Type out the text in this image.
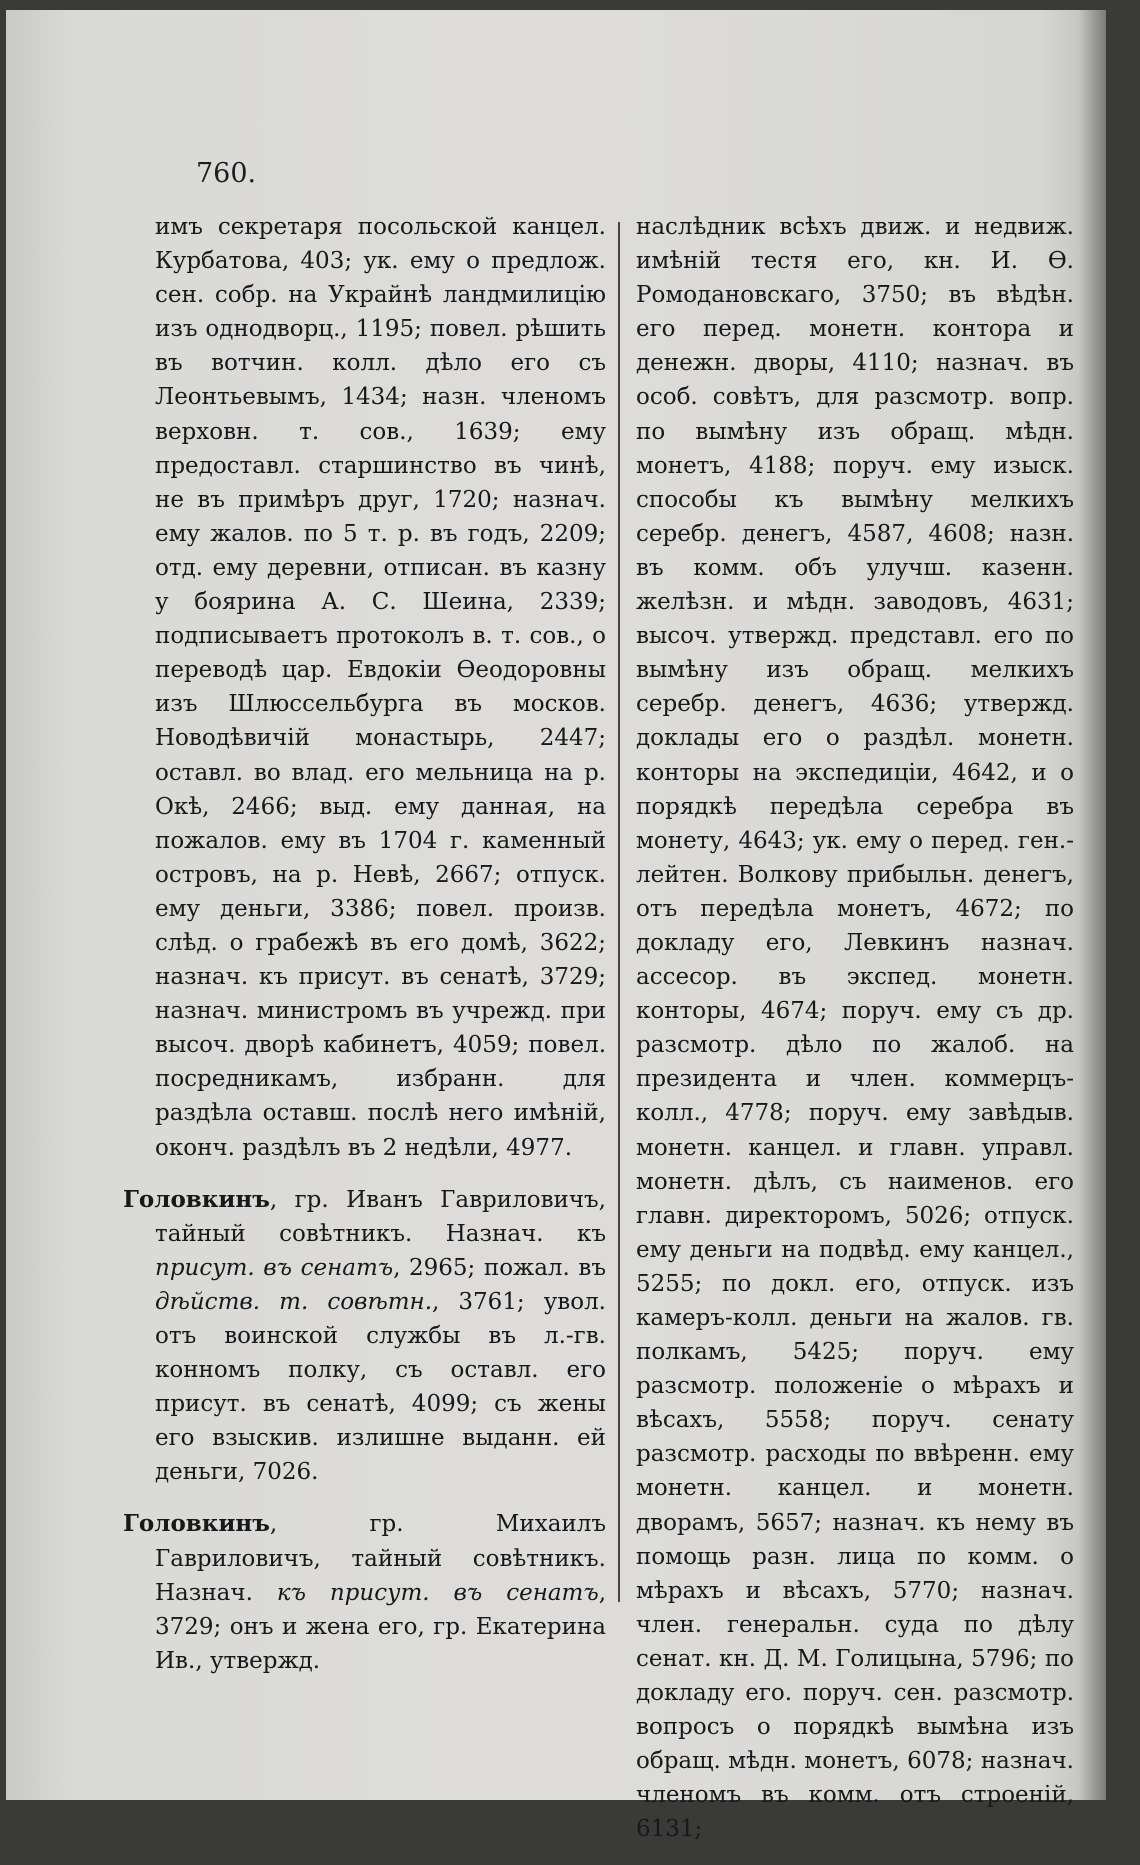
760.

имъ секретаря посольской канцел. Курбатова, 403; ук. ему о предлож. сен. собр. на Украйнѣ ландмилицію изъ однодворц., 1195; повел. рѣшить въ вотчин. колл. дѣло его съ Леонтьевымъ, 1434; назн. членомъ верховн. т. сов., 1639; ему предоставл. старшинство въ чинѣ, не въ примѣръ друг, 1720; назнач. ему жалов. по 5 т. р. въ годъ, 2209; отд. ему деревни, отписан. въ казну у боярина А. С. Шеина, 2339; подписываетъ протоколъ в. т. сов., о переводѣ цар. Евдокіи Ѳеодоровны изъ Шлюссельбурга въ москов. Новодѣвичій монастырь, 2447; оставл. во влад. его мельница на р. Окѣ, 2466; выд. ему данная, на пожалов. ему въ 1704 г. каменный островъ, на р. Невѣ, 2667; отпуск. ему деньги, 3386; повел. произв. слѣд. о грабежѣ въ его домѣ, 3622; назнач. къ присут. въ сенатѣ, 3729; назнач. министромъ въ учрежд. при высоч. дворѣ кабинетъ, 4059; повел. посредникамъ, избранн. для раздѣла оставш. послѣ него имѣній, оконч. раздѣлъ въ 2 недѣли, 4977.

Головкинъ, гр. Иванъ Гавриловичъ, тайный совѣтникъ. Назнач. къ присут. въ сенатъ, 2965; пожал. въ дѣйств. т. совѣтн., 3761; увол. отъ воинской службы въ л.-гв. конномъ полку, съ оставл. его присут. въ сенатѣ, 4099; съ жены его взыскив. излишне выданн. ей деньги, 7026.

Головкинъ, гр. Михаилъ Гавриловичъ, тайный совѣтникъ. Назнач. къ присут. въ сенатъ, 3729; онъ и жена его, гр. Екатерина Ив., утвержд.

наслѣдник всѣхъ движ. и недвиж. имѣній тестя его, кн. И. Ѳ. Ромодановскаго, 3750; въ вѣдѣн. его перед. монетн. контора и денежн. дворы, 4110; назнач. въ особ. совѣтъ, для разсмотр. вопр. по вымѣну изъ обращ. мѣдн. монетъ, 4188; поруч. ему изыск. способы къ вымѣну мелкихъ серебр. денегъ, 4587, 4608; назн. въ комм. объ улучш. казенн. желѣзн. и мѣдн. заводовъ, 4631; высоч. утвержд. представл. его по вымѣну изъ обращ. мелкихъ серебр. денегъ, 4636; утвержд. доклады его о раздѣл. монетн. конторы на экспедиціи, 4642, и о порядкѣ передѣла серебра въ монету, 4643; ук. ему о перед. ген.-лейтен. Волкову прибыльн. денегъ, отъ передѣла монетъ, 4672; по докладу его, Левкинъ назнач. ассесор. въ экспед. монетн. конторы, 4674; поруч. ему съ др. разсмотр. дѣло по жалоб. на президента и член. коммерцъ-колл., 4778; поруч. ему завѣдыв. монетн. канцел. и главн. управл. монетн. дѣлъ, съ наименов. его главн. директоромъ, 5026; отпуск. ему деньги на подвѣд. ему канцел., 5255; по докл. его, отпуск. изъ камеръ-колл. деньги на жалов. гв. полкамъ, 5425; поруч. ему разсмотр. положеніе о мѣрахъ и вѣсахъ, 5558; поруч. сенату разсмотр. расходы по ввѣренн. ему монетн. канцел. и монетн. дворамъ, 5657; назнач. къ нему въ помощь разн. лица по комм. о мѣрахъ и вѣсахъ, 5770; назнач. член. генеральн. суда по дѣлу сенат. кн. Д. М. Голицына, 5796; по докладу его. поруч. сен. разсмотр. вопросъ о порядкѣ вымѣна изъ обращ. мѣдн. монетъ, 6078; назнач. членомъ въ комм. отъ строеній, 6131;
